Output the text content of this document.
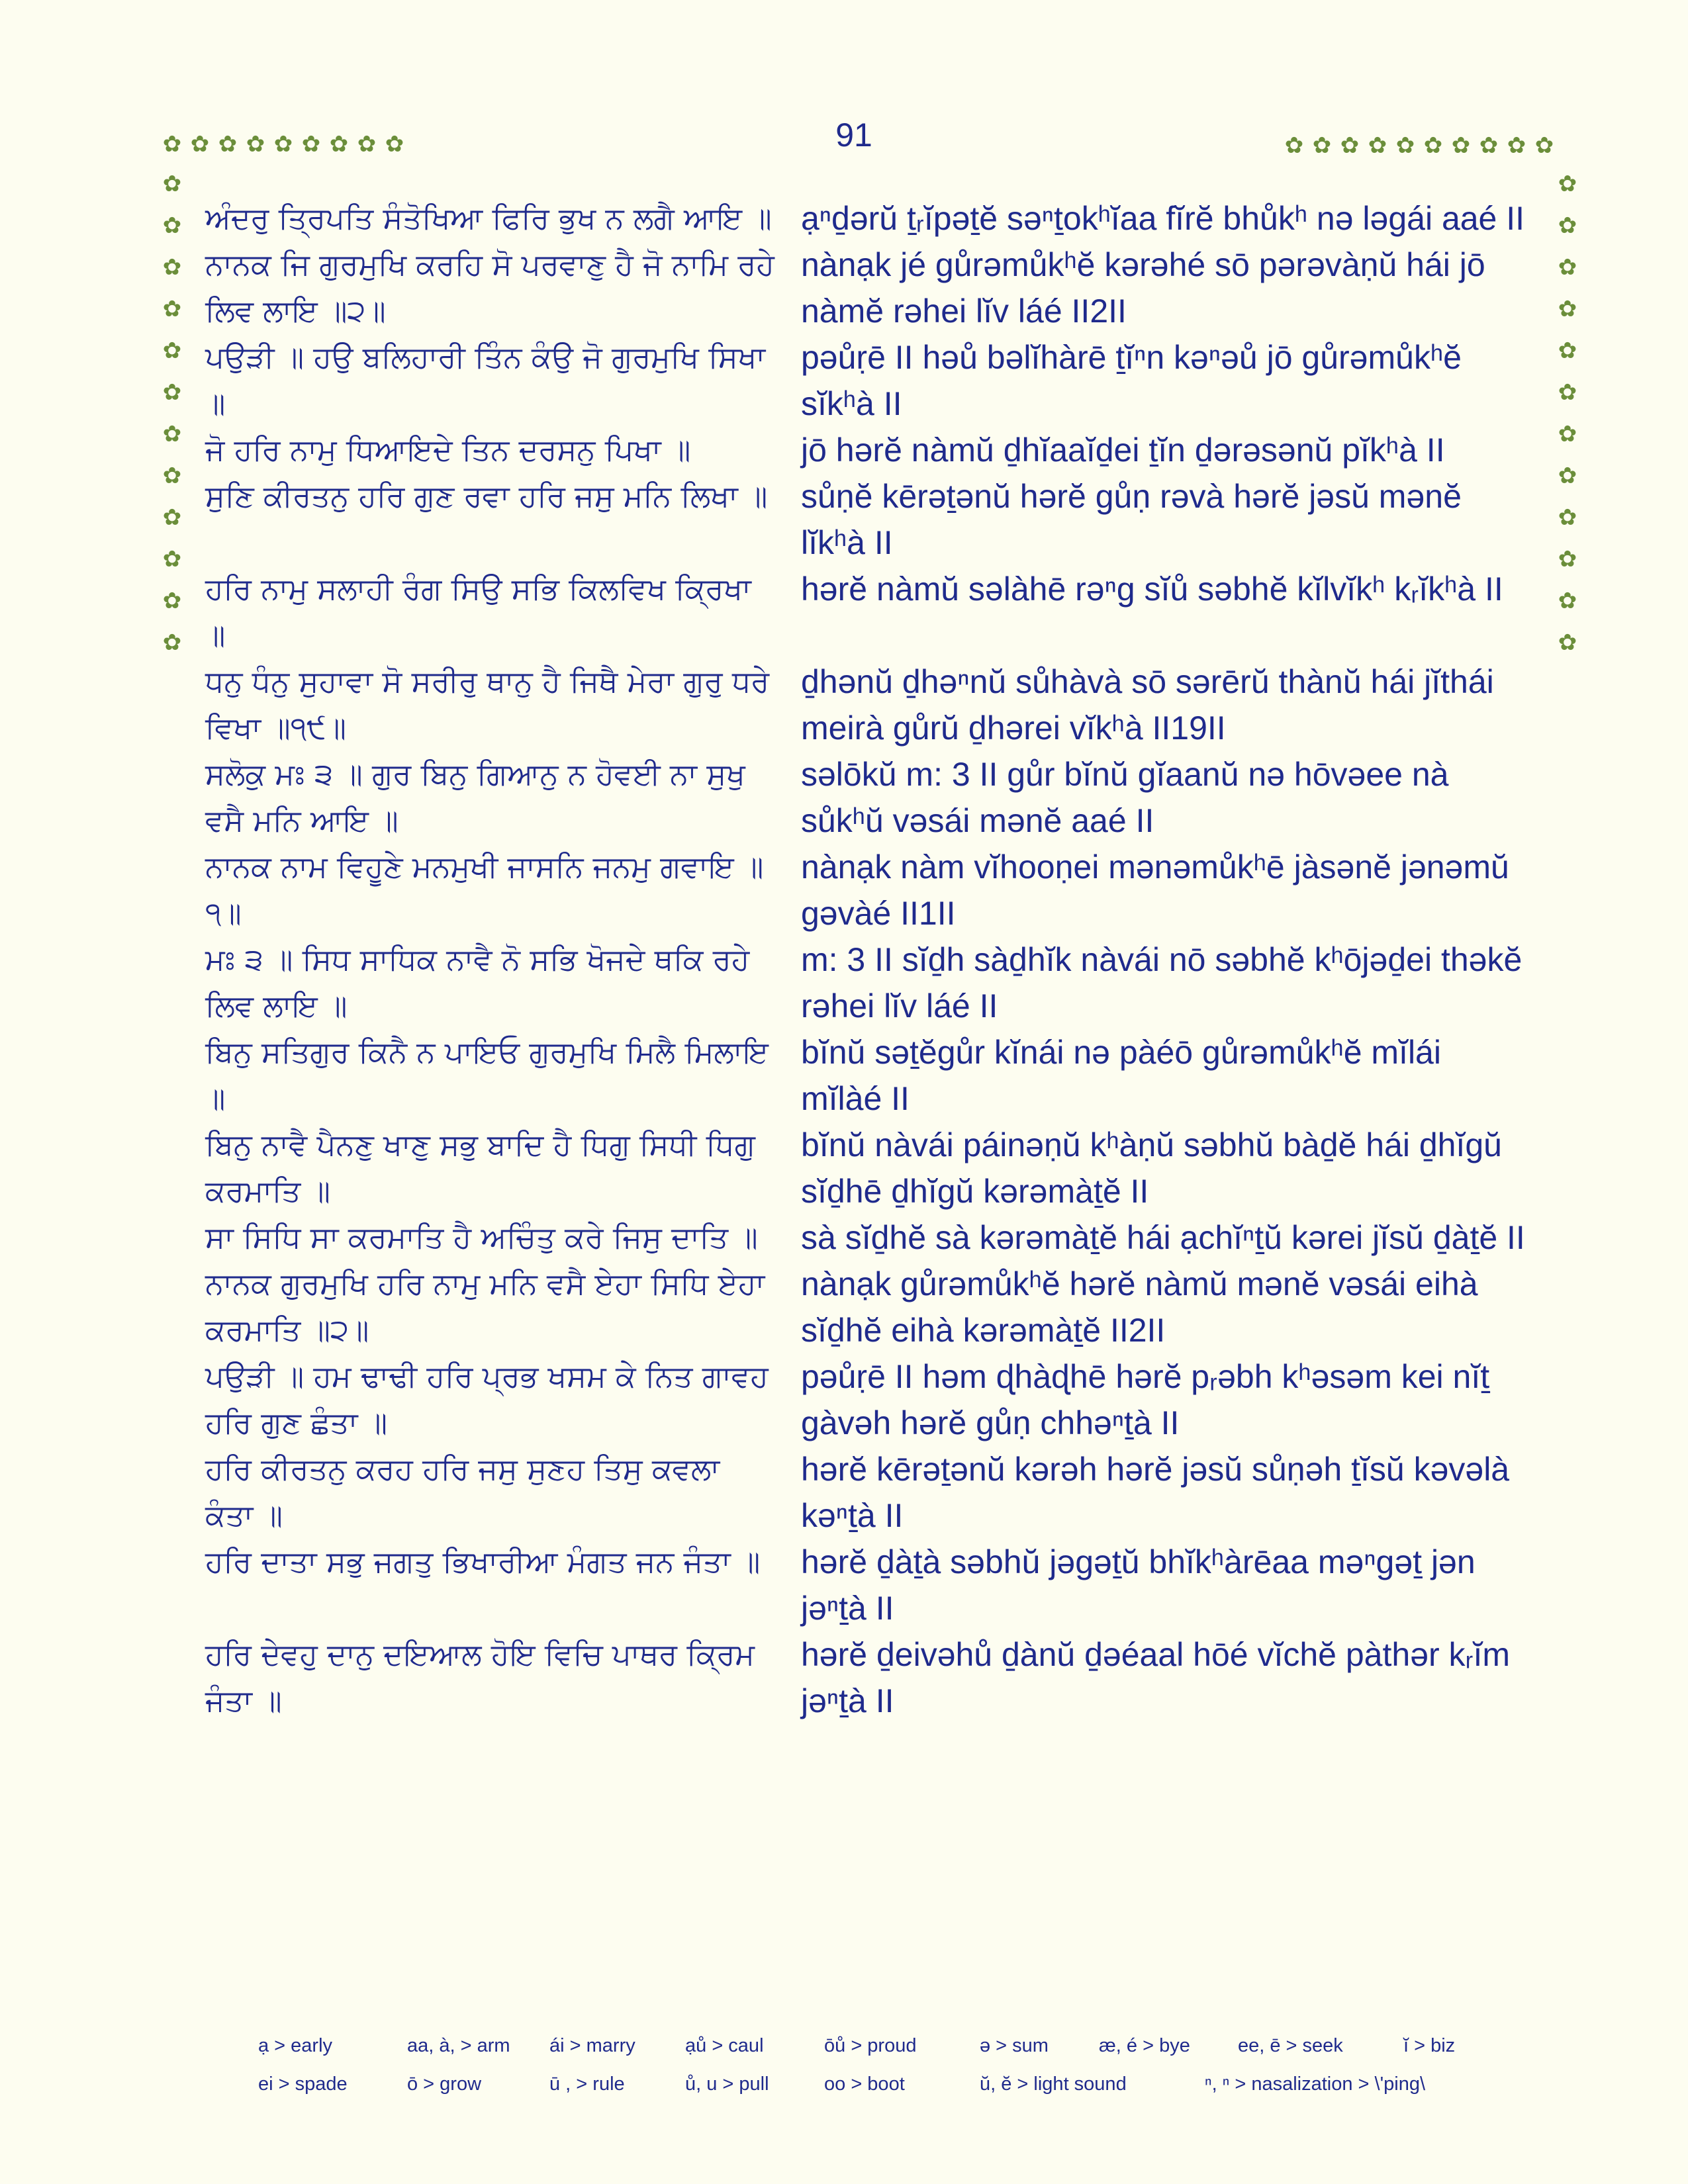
91
✿ ✿ ✿ ✿ ✿ ✿ ✿ ✿ ✿	✿ ✿ ✿ ✿ ✿ ✿ ✿ ✿ ✿ ✿
✿
✿
✿
✿
✿
✿
✿
✿
✿
✿
✿
✿
✿
✿
✿
✿
✿
✿
✿
✿
✿
✿
✿
✿
ਅੰਦਰੁ ਤ੍ਰਿਪਤਿ ਸੰਤੋਖਿਆ ਫਿਰਿ ਭੁਖ ਨ ਲਗੈ ਆਇ ॥ ạⁿḏərŭ ṯᵣĭpəṯĕ səⁿṯokʰĭaa fĭrĕ bhůkʰ nə ləgái aaé II
ਨਾਨਕ ਜਿ ਗੁਰਮੁਖਿ ਕਰਹਿ ਸੋ ਪਰਵਾਣੁ ਹੈ ਜੋ ਨਾਮਿ ਰਹੇ ਲਿਵ ਲਾਇ ॥੨॥
nànạk jé gůrəmůkʰĕ kərəhé sō pərəvàṇŭ hái jō nàmĕ rəhei lĭv láé II2II
ਪਉੜੀ ॥ ਹਉ ਬਲਿਹਾਰੀ ਤਿੰਨ ਕੰਉ ਜੋ ਗੁਰਮੁਖਿ ਸਿਖਾ ॥
pəůṛē II həů bəlĭhàrē ṯĭⁿn kəⁿəů jō gůrəmůkʰĕ sĭkʰà II
ਜੋ ਹਰਿ ਨਾਮੁ ਧਿਆਇਦੇ ਤਿਨ ਦਰਸਨੁ ਪਿਖਾ ॥	jō hərĕ nàmŭ ḏhĭaaĭḏei ṯĭn ḏərəsənŭ pĭkʰà II
ਸੁਣਿ ਕੀਰਤਨੁ ਹਰਿ ਗੁਣ ਰਵਾ ਹਰਿ ਜਸੁ ਮਨਿ ਲਿਖਾ ॥ sůṇĕ kērəṯənŭ hərĕ gůṇ rəvà hərĕ jəsŭ mənĕ lĭkʰà II
ਹਰਿ ਨਾਮੁ ਸਲਾਹੀ ਰੰਗ ਸਿਉ ਸਭਿ ਕਿਲਵਿਖ ਕ੍ਰਿਖਾ ॥
hərĕ nàmŭ səlàhē rəⁿg sĭů səbhĕ kĭlvĭkʰ kᵣĭkʰà II
ਧਨੁ ਧੰਨੁ ਸੁਹਾਵਾ ਸੋ ਸਰੀਰੁ ਥਾਨੁ ਹੈ ਜਿਥੈ ਮੇਰਾ ਗੁਰੁ ਧਰੇ ਵਿਖਾ ॥੧੯॥
ḏhənŭ ḏhəⁿnŭ sůhàvà sō sərērŭ thànŭ hái jĭthái meirà gůrŭ ḏhərei vĭkʰà II19II
ਸਲੋਕੁ ਮਃ ੩ ॥ ਗੁਰ ਬਿਨੁ ਗਿਆਨੁ ਨ ਹੋਵਈ ਨਾ ਸੁਖੁ ਵਸੈ ਮਨਿ ਆਇ ॥
səlōkŭ m: 3 II gůr bĭnŭ gĭaanŭ nə hōvəee nà sůkʰŭ vəsái mənĕ aaé II
ਨਾਨਕ ਨਾਮ ਵਿਹੂਣੇ ਮਨਮੁਖੀ ਜਾਸਨਿ ਜਨਮੁ ਗਵਾਇ ॥੧॥
nànạk nàm vĭhooṇei mənəmůkʰē jàsənĕ jənəmŭ gəvàé II1II
ਮਃ ੩ ॥ ਸਿਧ ਸਾਧਿਕ ਨਾਵੈ ਨੋ ਸਭਿ ਖੋਜਦੇ ਥਕਿ ਰਹੇ ਲਿਵ ਲਾਇ ॥
m: 3 II sĭḏh sàḏhĭk nàvái nō səbhĕ kʰōjəḏei thəkĕ rəhei lĭv láé II
ਬਿਨੁ ਸਤਿਗੁਰ ਕਿਨੈ ਨ ਪਾਇਓ ਗੁਰਮੁਖਿ ਮਿਲੈ ਮਿਲਾਇ ॥
bĭnŭ səṯĕgůr kĭnái nə pàéō gůrəmůkʰĕ mĭlái mĭlàé II
ਬਿਨੁ ਨਾਵੈ ਪੈਨਣੁ ਖਾਣੁ ਸਭੁ ਬਾਦਿ ਹੈ ਧਿਗੁ ਸਿਧੀ ਧਿਗੁ ਕਰਮਾਤਿ ॥
bĭnŭ nàvái páinəṇŭ kʰàṇŭ səbhŭ bàḏĕ hái ḏhĭgŭ sĭḏhē ḏhĭgŭ kərəmàṯĕ II
ਸਾ ਸਿਧਿ ਸਾ ਕਰਮਾਤਿ ਹੈ ਅਚਿੰਤੁ ਕਰੇ ਜਿਸੁ ਦਾਤਿ ॥	sà sĭḏhĕ sà kərəmàṯĕ hái ạchĭⁿṯŭ kərei jĭsŭ ḏàṯĕ II
ਨਾਨਕ ਗੁਰਮੁਖਿ ਹਰਿ ਨਾਮੁ ਮਨਿ ਵਸੈ ਏਹਾ ਸਿਧਿ ਏਹਾ ਕਰਮਾਤਿ ॥੨॥
nànạk gůrəmůkʰĕ hərĕ nàmŭ mənĕ vəsái eihà sĭḏhĕ eihà kərəmàṯĕ II2II
ਪਉੜੀ ॥ ਹਮ ਢਾਢੀ ਹਰਿ ਪ੍ਰਭ ਖਸਮ ਕੇ ਨਿਤ ਗਾਵਹ ਹਰਿ ਗੁਣ ਛੰਤਾ ॥
pəůṛē II həm ɖhàɖhē hərĕ pᵣəbh kʰəsəm kei nĭṯ gàvəh hərĕ gůṇ chhəⁿṯà II
ਹਰਿ ਕੀਰਤਨੁ ਕਰਹ ਹਰਿ ਜਸੁ ਸੁਣਹ ਤਿਸੁ ਕਵਲਾ ਕੰਤਾ ॥
hərĕ kērəṯənŭ kərəh hərĕ jəsŭ sůṇəh ṯĭsŭ kəvəlà kəⁿṯà II
ਹਰਿ ਦਾਤਾ ਸਭੁ ਜਗਤੁ ਭਿਖਾਰੀਆ ਮੰਗਤ ਜਨ ਜੰਤਾ ॥	hərĕ ḏàṯà səbhŭ jəgəṯŭ bhĭkʰàrēaa məⁿgəṯ jən jəⁿṯà II
ਹਰਿ ਦੇਵਹੁ ਦਾਨੁ ਦਇਆਲ ਹੋਇ ਵਿਚਿ ਪਾਥਰ ਕ੍ਰਿਮ ਜੰਤਾ ॥
hərĕ ḏeivəhů ḏànŭ ḏəéaal hōé vĭchĕ pàthər kᵣĭm jəⁿṯà II
ạ > early	aa, à, > arm	ái > marry	ạů > caul	ōů > proud	ə > sum	æ, é > bye	ee, ē > seek	ĭ > biz
ei > spade	ō > grow	ū , > rule	ů, u > pull	oo > boot	ŭ, ĕ > light sound	ⁿ, ⁿ > nasalization > \'ping\
